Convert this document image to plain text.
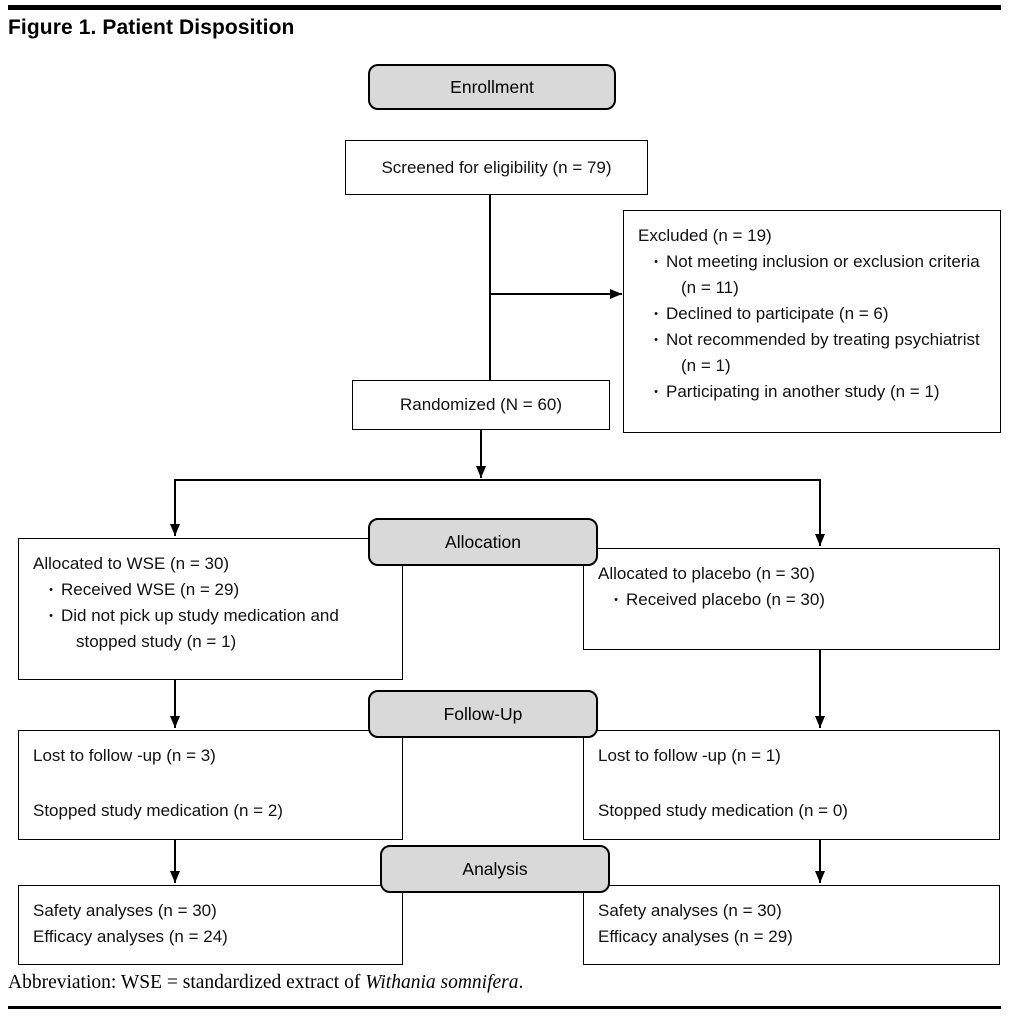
Figure 1. Patient Disposition
Enrollment
Screened for eligibility (n = 79)
Excluded (n = 19)
• Not meeting inclusion or exclusion criteria (n = 11)
• Declined to participate (n = 6)
• Not recommended by treating psychiatrist (n = 1)
• Participating in another study (n = 1)
Randomized (N = 60)
Allocation
Allocated to WSE (n = 30)
• Received WSE (n = 29)
• Did not pick up study medication and stopped study (n = 1)
Allocated to placebo (n = 30)
• Received placebo (n = 30)
Follow-Up
Lost to follow -up (n = 3)
Stopped study medication (n = 2)
Lost to follow -up (n = 1)
Stopped study medication (n = 0)
Analysis
Safety analyses (n = 30)
Efficacy analyses (n = 24)
Safety analyses (n = 30)
Efficacy analyses (n = 29)
Abbreviation: WSE = standardized extract of Withania somnifera.
